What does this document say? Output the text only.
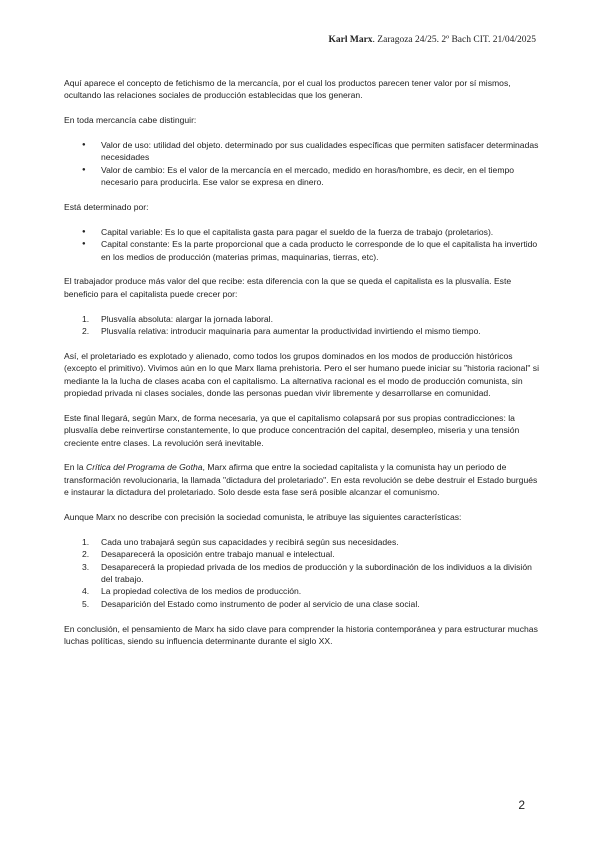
Karl Marx. Zaragoza 24/25. 2º Bach CIT. 21/04/2025

Aquí aparece el concepto de fetichismo de la mercancía, por el cual los productos parecen tener valor por sí mismos, ocultando las relaciones sociales de producción establecidas que los generan.

En toda mercancía cabe distinguir:

● Valor de uso: utilidad del objeto. determinado por sus cualidades específicas que permiten satisfacer determinadas necesidades
● Valor de cambio: Es el valor de la mercancía en el mercado, medido en horas/hombre, es decir, en el tiempo necesario para producirla. Ese valor se expresa en dinero.

Está determinado por:

● Capital variable: Es lo que el capitalista gasta para pagar el sueldo de la fuerza de trabajo (proletarios).
● Capital constante: Es la parte proporcional que a cada producto le corresponde de lo que el capitalista ha invertido en los medios de producción (materias primas, maquinarias, tierras, etc).

El trabajador produce más valor del que recibe: esta diferencia con la que se queda el capitalista es la plusvalía. Este beneficio para el capitalista puede crecer por:

1. Plusvalía absoluta: alargar la jornada laboral.
2. Plusvalía relativa: introducir maquinaria para aumentar la productividad invirtiendo el mismo tiempo.

Así, el proletariado es explotado y alienado, como todos los grupos dominados en los modos de producción históricos (excepto el primitivo). Vivimos aún en lo que Marx llama prehistoria. Pero el ser humano puede iniciar su "historia racional" si mediante la la lucha de clases acaba con el capitalismo. La alternativa racional es el modo de producción comunista, sin propiedad privada ni clases sociales, donde las personas puedan vivir libremente y desarrollarse en comunidad.

Este final llegará, según Marx, de forma necesaria, ya que el capitalismo colapsará por sus propias contradicciones: la plusvalía debe reinvertirse constantemente, lo que produce concentración del capital, desempleo, miseria y una tensión creciente entre clases. La revolución será inevitable.

En la Crítica del Programa de Gotha, Marx afirma que entre la sociedad capitalista y la comunista hay un periodo de transformación revolucionaria, la llamada "dictadura del proletariado". En esta revolución se debe destruir el Estado burgués e instaurar la dictadura del proletariado. Solo desde esta fase será posible alcanzar el comunismo.

Aunque Marx no describe con precisión la sociedad comunista, le atribuye las siguientes características:

1. Cada uno trabajará según sus capacidades y recibirá según sus necesidades.
2. Desaparecerá la oposición entre trabajo manual e intelectual.
3. Desaparecerá la propiedad privada de los medios de producción y la subordinación de los individuos a la división del trabajo.
4. La propiedad colectiva de los medios de producción.
5. Desaparición del Estado como instrumento de poder al servicio de una clase social.

En conclusión, el pensamiento de Marx ha sido clave para comprender la historia contemporánea y para estructurar muchas luchas políticas, siendo su influencia determinante durante el siglo XX.

2
